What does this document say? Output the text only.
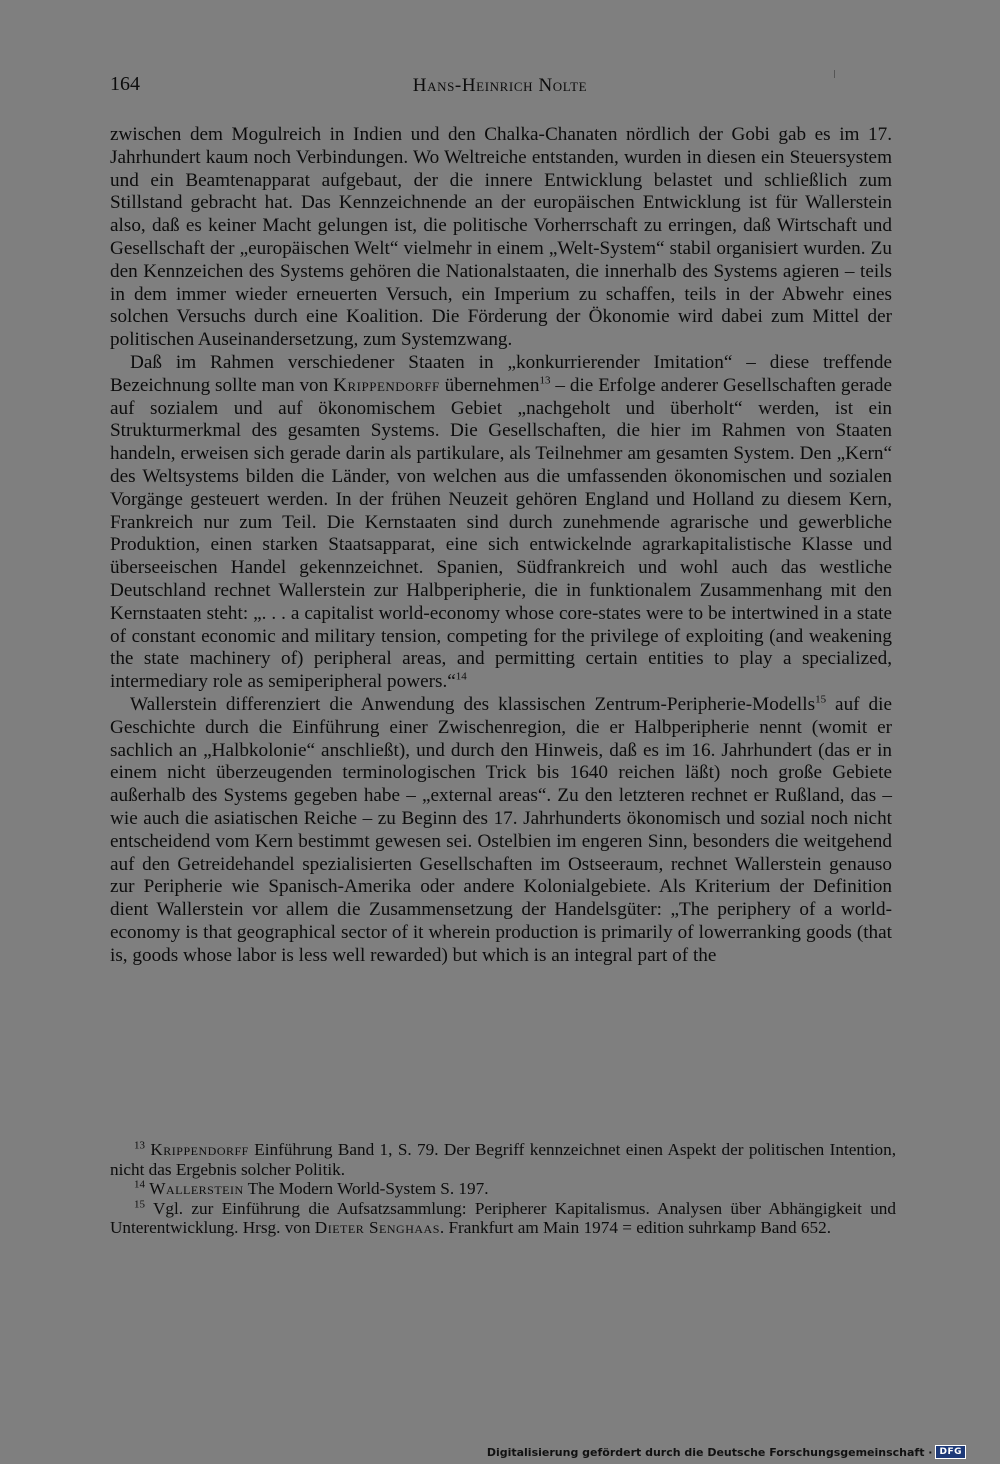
164	Hans-Heinrich Nolte

zwischen dem Mogulreich in Indien und den Chalka-Chanaten nördlich der Gobi gab es im 17. Jahrhundert kaum noch Verbindungen. Wo Weltreiche entstanden, wurden in diesen ein Steuersystem und ein Beamtenapparat aufgebaut, der die innere Entwicklung belastet und schließlich zum Stillstand gebracht hat. Das Kennzeichnende an der europäischen Entwicklung ist für Wallerstein also, daß es keiner Macht gelungen ist, die politische Vorherrschaft zu erringen, daß Wirtschaft und Gesellschaft der „europäischen Welt“ vielmehr in einem „Welt-System“ stabil organisiert wurden. Zu den Kennzeichen des Systems gehören die Nationalstaaten, die innerhalb des Systems agieren – teils in dem immer wieder erneuerten Versuch, ein Imperium zu schaffen, teils in der Abwehr eines solchen Versuchs durch eine Koalition. Die Förderung der Ökonomie wird dabei zum Mittel der politischen Auseinandersetzung, zum Systemzwang.

Daß im Rahmen verschiedener Staaten in „konkurrierender Imitation“ – diese treffende Bezeichnung sollte man von Krippendorff übernehmen$^{13}$ – die Erfolge anderer Gesellschaften gerade auf sozialem und auf ökonomischem Gebiet „nachgeholt und überholt“ werden, ist ein Strukturmerkmal des gesamten Systems. Die Gesellschaften, die hier im Rahmen von Staaten handeln, erweisen sich gerade darin als partikulare, als Teilnehmer am gesamten System. Den „Kern“ des Weltsystems bilden die Länder, von welchen aus die umfassenden ökonomischen und sozialen Vorgänge gesteuert werden. In der frühen Neuzeit gehören England und Holland zu diesem Kern, Frankreich nur zum Teil. Die Kernstaaten sind durch zunehmende agrarische und gewerbliche Produktion, einen starken Staatsapparat, eine sich entwickelnde agrarkapitalistische Klasse und überseeischen Handel gekennzeichnet. Spanien, Südfrankreich und wohl auch das westliche Deutschland rechnet Wallerstein zur Halbperipherie, die in funktionalem Zusammenhang mit den Kernstaaten steht: „. . . a capitalist world-economy whose core-states were to be intertwined in a state of constant economic and military tension, competing for the privilege of exploiting (and weakening the state machinery of) peripheral areas, and permitting certain entities to play a specialized, intermediary role as semiperipheral powers.“$^{14}$

Wallerstein differenziert die Anwendung des klassischen Zentrum-Peripherie-Modells$^{15}$ auf die Geschichte durch die Einführung einer Zwischenregion, die er Halbperipherie nennt (womit er sachlich an „Halbkolonie“ anschließt), und durch den Hinweis, daß es im 16. Jahrhundert (das er in einem nicht überzeugenden terminologischen Trick bis 1640 reichen läßt) noch große Gebiete außerhalb des Systems gegeben habe – „external areas“. Zu den letzteren rechnet er Rußland, das – wie auch die asiatischen Reiche – zu Beginn des 17. Jahrhunderts ökonomisch und sozial noch nicht entscheidend vom Kern bestimmt gewesen sei. Ostelbien im engeren Sinn, besonders die weitgehend auf den Getreidehandel spezialisierten Gesellschaften im Ostseeraum, rechnet Wallerstein genauso zur Peripherie wie Spanisch-Amerika oder andere Kolonialgebiete. Als Kriterium der Definition dient Wallerstein vor allem die Zusammensetzung der Handelsgüter: „The periphery of a world-economy is that geographical sector of it wherein production is primarily of lowerranking goods (that is, goods whose labor is less well rewarded) but which is an integral part of the

$^{13}$ Krippendorff Einführung Band 1, S. 79. Der Begriff kennzeichnet einen Aspekt der politischen Intention, nicht das Ergebnis solcher Politik.

$^{14}$ Wallerstein The Modern World-System S. 197.

$^{15}$ Vgl. zur Einführung die Aufsatzsammlung: Peripherer Kapitalismus. Analysen über Abhängigkeit und Unterentwicklung. Hrsg. von Dieter Senghaas. Frankfurt am Main 1974 = edition suhrkamp Band 652.

Digitalisierung gefördert durch die Deutsche Forschungsgemeinschaft · DFG
